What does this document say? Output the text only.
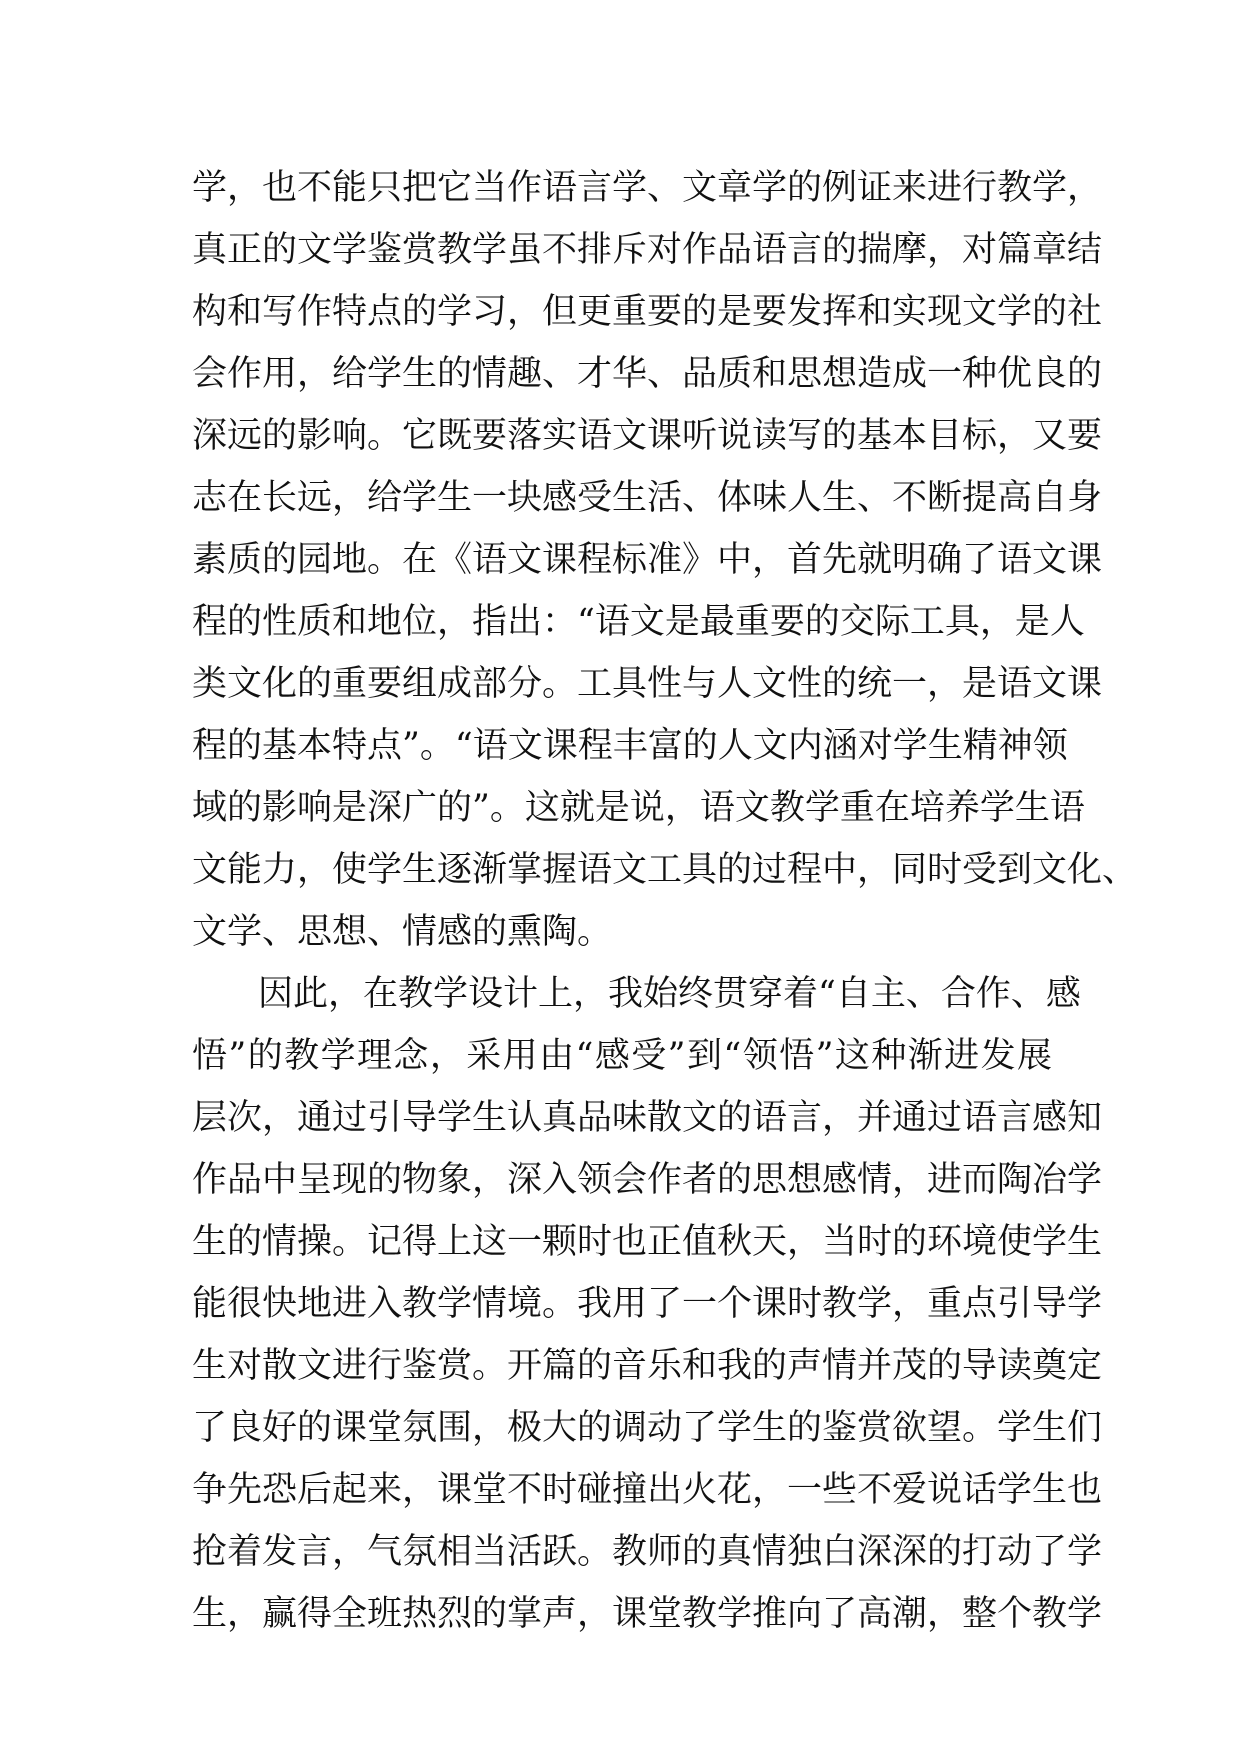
学，也不能只把它当作语言学、文章学的例证来进行教学，
真正的文学鉴赏教学虽不排斥对作品语言的揣摩，对篇章结
构和写作特点的学习，但更重要的是要发挥和实现文学的社
会作用，给学生的情趣、才华、品质和思想造成一种优良的
深远的影响。它既要落实语文课听说读写的基本目标，又要
志在长远，给学生一块感受生活、体味人生、不断提高自身
素质的园地。在《语文课程标准》中，首先就明确了语文课
程的性质和地位，指出：“语文是最重要的交际工具，是人
类文化的重要组成部分。工具性与人文性的统一，是语文课
程的基本特点”。“语文课程丰富的人文内涵对学生精神领
域的影响是深广的”。这就是说，语文教学重在培养学生语
文能力，使学生逐渐掌握语文工具的过程中，同时受到文化、
文学、思想、情感的熏陶。
因此，在教学设计上，我始终贯穿着“自主、合作、感
悟”的教学理念，采用由“感受”到“领悟”这种渐进发展
层次，通过引导学生认真品味散文的语言，并通过语言感知
作品中呈现的物象，深入领会作者的思想感情，进而陶冶学
生的情操。记得上这一颗时也正值秋天，当时的环境使学生
能很快地进入教学情境。我用了一个课时教学，重点引导学
生对散文进行鉴赏。开篇的音乐和我的声情并茂的导读奠定
了良好的课堂氛围，极大的调动了学生的鉴赏欲望。学生们
争先恐后起来，课堂不时碰撞出火花，一些不爱说话学生也
抢着发言，气氛相当活跃。教师的真情独白深深的打动了学
生，赢得全班热烈的掌声，课堂教学推向了高潮，整个教学
